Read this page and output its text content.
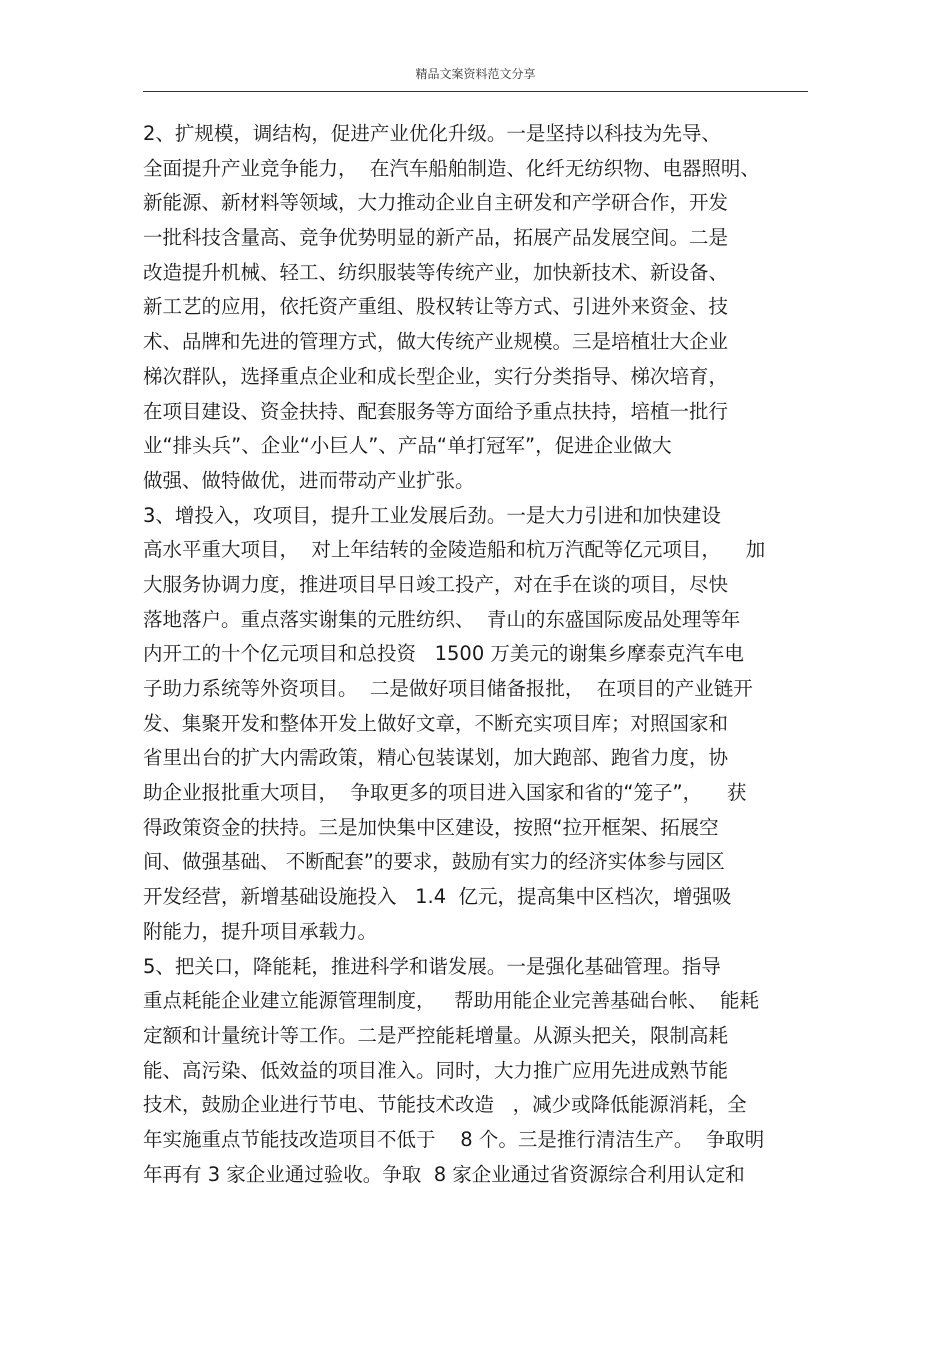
精品文案资料范文分享
2、扩规模，调结构，促进产业优化升级。一是坚持以科技为先导、
全面提升产业竞争能力，  在汽车船舶制造、化纤无纺织物、电器照明、
新能源、新材料等领域，大力推动企业自主研发和产学研合作，开发
一批科技含量高、竞争优势明显的新产品，拓展产品发展空间。二是
改造提升机械、轻工、纺织服装等传统产业，加快新技术、新设备、
新工艺的应用，依托资产重组、股权转让等方式、引进外来资金、技
术、品牌和先进的管理方式，做大传统产业规模。三是培植壮大企业
梯次群队，选择重点企业和成长型企业，实行分类指导、梯次培育，
在项目建设、资金扶持、配套服务等方面给予重点扶持，培植一批行
业“排头兵”、企业“小巨人”、产品“单打冠军”，促进企业做大
做强、做特做优，进而带动产业扩张。
3、增投入，攻项目，提升工业发展后劲。一是大力引进和加快建设
高水平重大项目，  对上年结转的金陵造船和杭万汽配等亿元项目，    加
大服务协调力度，推进项目早日竣工投产，对在手在谈的项目，尽快
落地落户。重点落实谢集的元胜纺织、  青山的东盛国际废品处理等年
内开工的十个亿元项目和总投资   1500 万美元的谢集乡摩泰克汽车电
子助力系统等外资项目。  二是做好项目储备报批，  在项目的产业链开
发、集聚开发和整体开发上做好文章，不断充实项目库；对照国家和
省里出台的扩大内需政策，精心包装谋划，加大跑部、跑省力度，协
助企业报批重大项目，  争取更多的项目进入国家和省的“笼子”，    获
得政策资金的扶持。三是加快集中区建设，按照“拉开框架、拓展空
间、做强基础、 不断配套”的要求，鼓励有实力的经济实体参与园区
开发经营，新增基础设施投入   1.4  亿元，提高集中区档次，增强吸
附能力，提升项目承载力。
5、把关口，降能耗，推进科学和谐发展。一是强化基础管理。指导
重点耗能企业建立能源管理制度，   帮助用能企业完善基础台帐、  能耗
定额和计量统计等工作。二是严控能耗增量。从源头把关，限制高耗
能、高污染、低效益的项目准入。同时，大力推广应用先进成熟节能
技术，鼓励企业进行节电、节能技术改造   ，减少或降低能源消耗，全
年实施重点节能技改造项目不低于    8 个。三是推行清洁生产。  争取明
年再有 3 家企业通过验收。争取  8 家企业通过省资源综合利用认定和
